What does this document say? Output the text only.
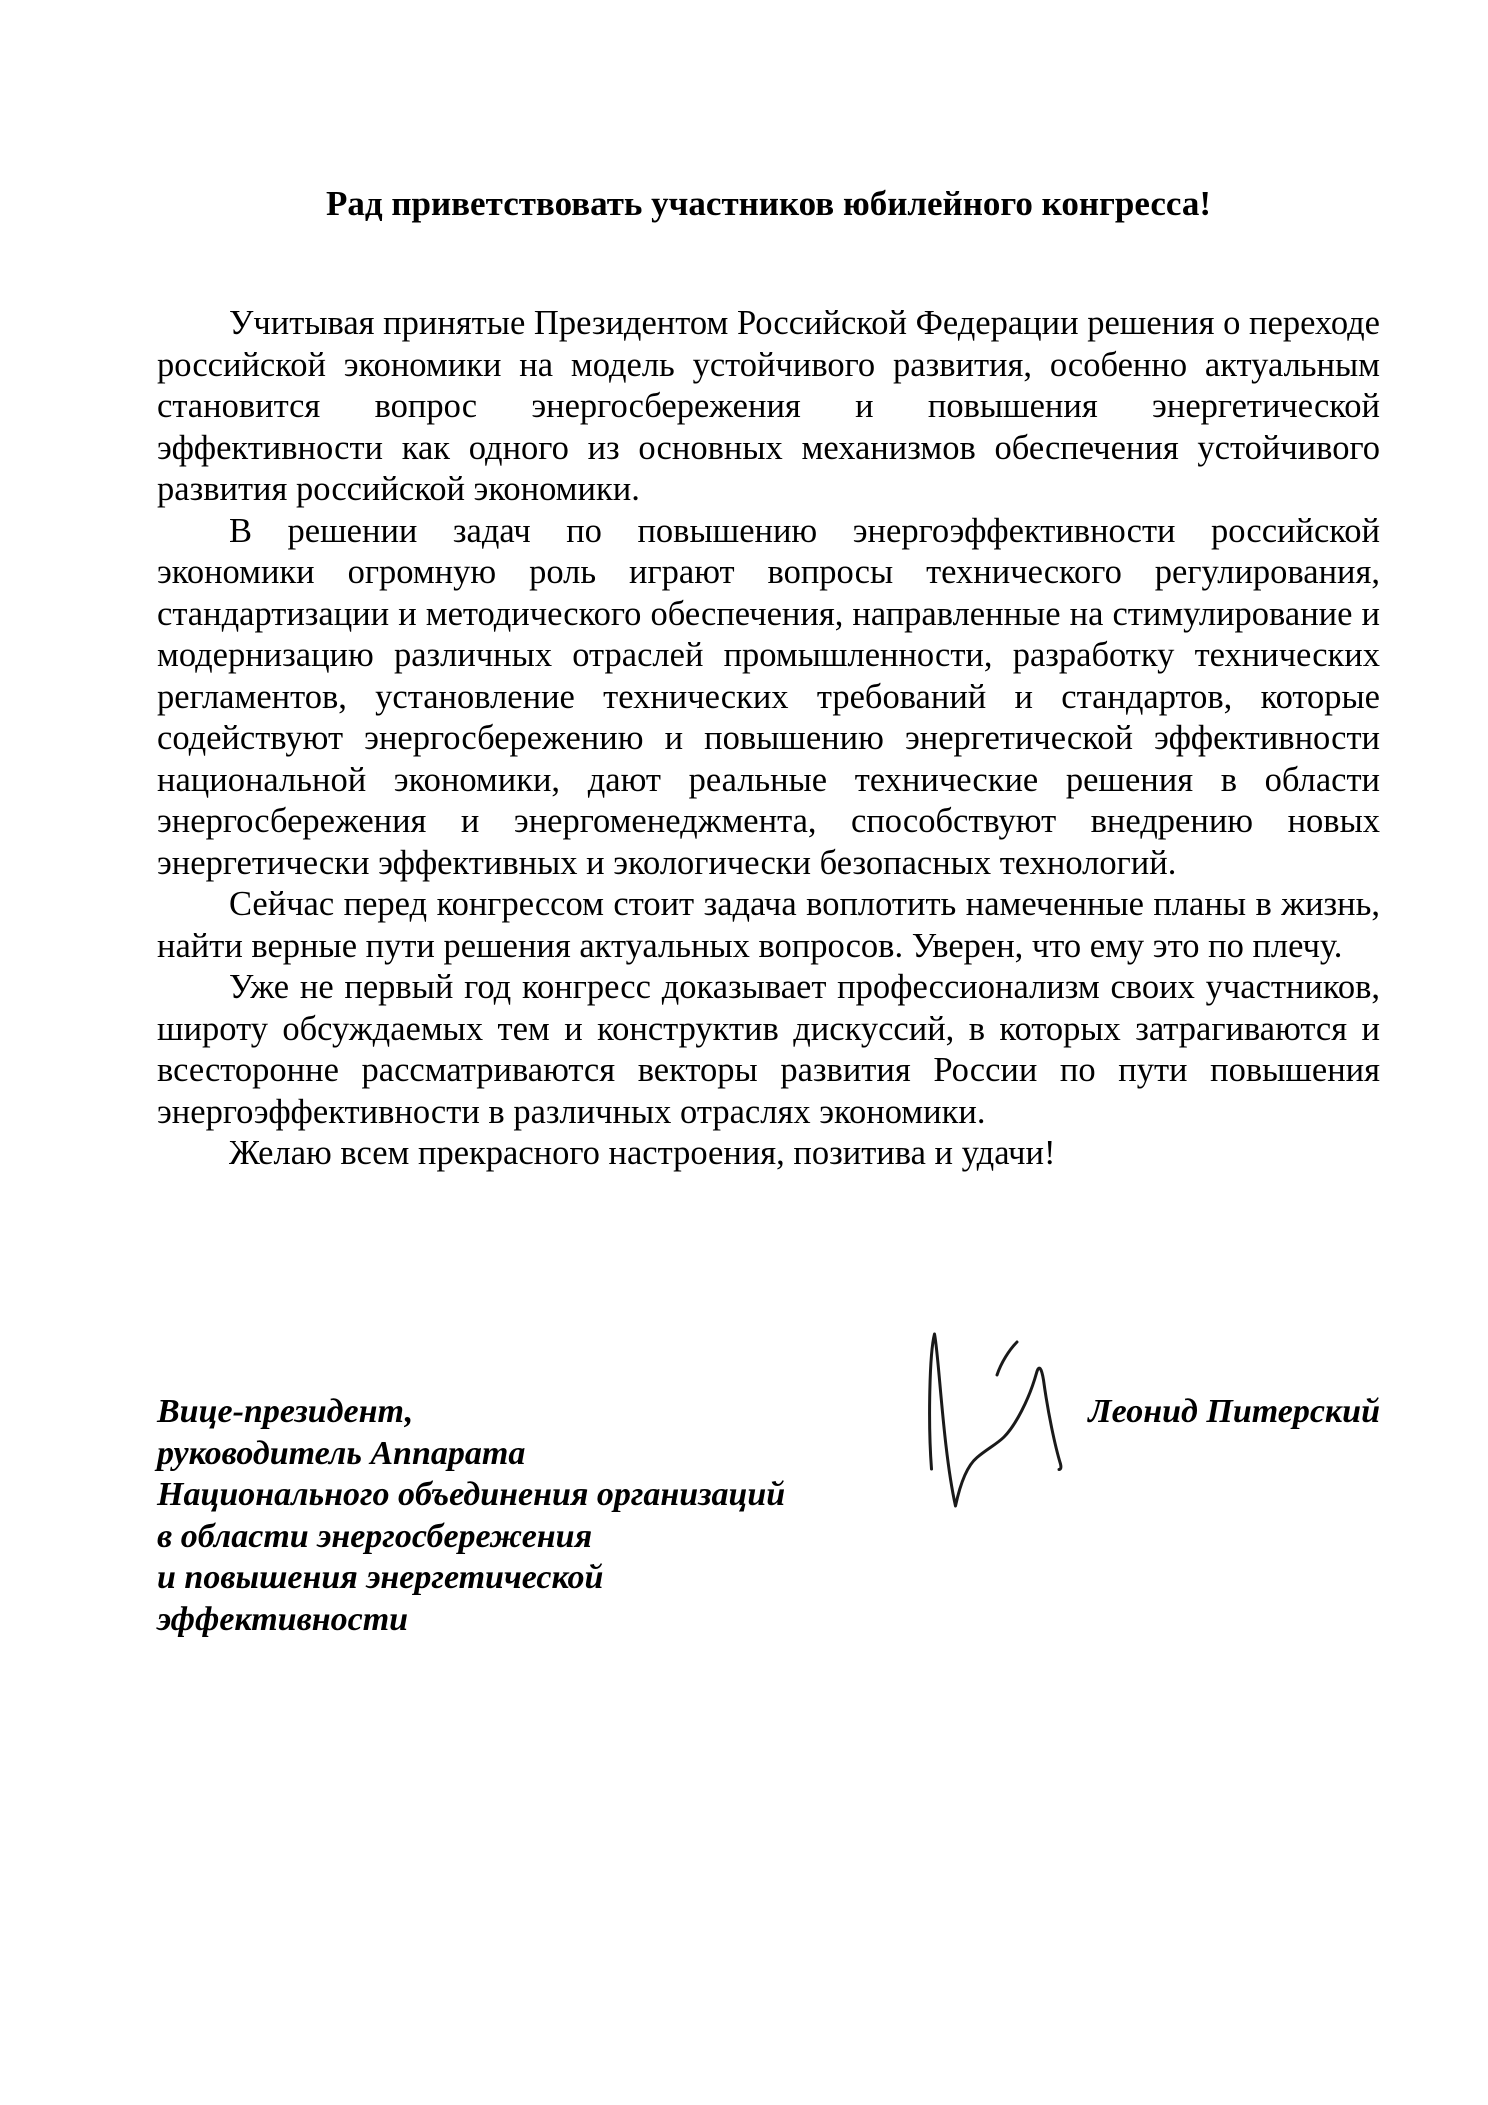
Рад приветствовать участников юбилейного конгресса!

Учитывая принятые Президентом Российской Федерации решения о переходе российской экономики на модель устойчивого развития, особенно актуальным становится вопрос энергосбережения и повышения энергетической эффективности как одного из основных механизмов обеспечения устойчивого развития российской экономики.

В решении задач по повышению энергоэффективности российской экономики огромную роль играют вопросы технического регулирования, стандартизации и методического обеспечения, направленные на стимулирование и модернизацию различных отраслей промышленности, разработку технических регламентов, установление технических требований и стандартов, которые содействуют энергосбережению и повышению энергетической эффективности национальной экономики, дают реальные технические решения в области энергосбережения и энергоменеджмента, способствуют внедрению новых энергетически эффективных и экологически безопасных технологий.

Сейчас перед конгрессом стоит задача воплотить намеченные планы в жизнь, найти верные пути решения актуальных вопросов. Уверен, что ему это по плечу.

Уже не первый год конгресс доказывает профессионализм своих участников, широту обсуждаемых тем и конструктив дискуссий, в которых затрагиваются и всесторонне рассматриваются векторы развития России по пути повышения энергоэффективности в различных отраслях экономики.

Желаю всем прекрасного настроения, позитива и удачи!

Вице-президент,
руководитель Аппарата
Национального объединения организаций
в области энергосбережения
и повышения энергетической эффективности
Леонид Питерский
